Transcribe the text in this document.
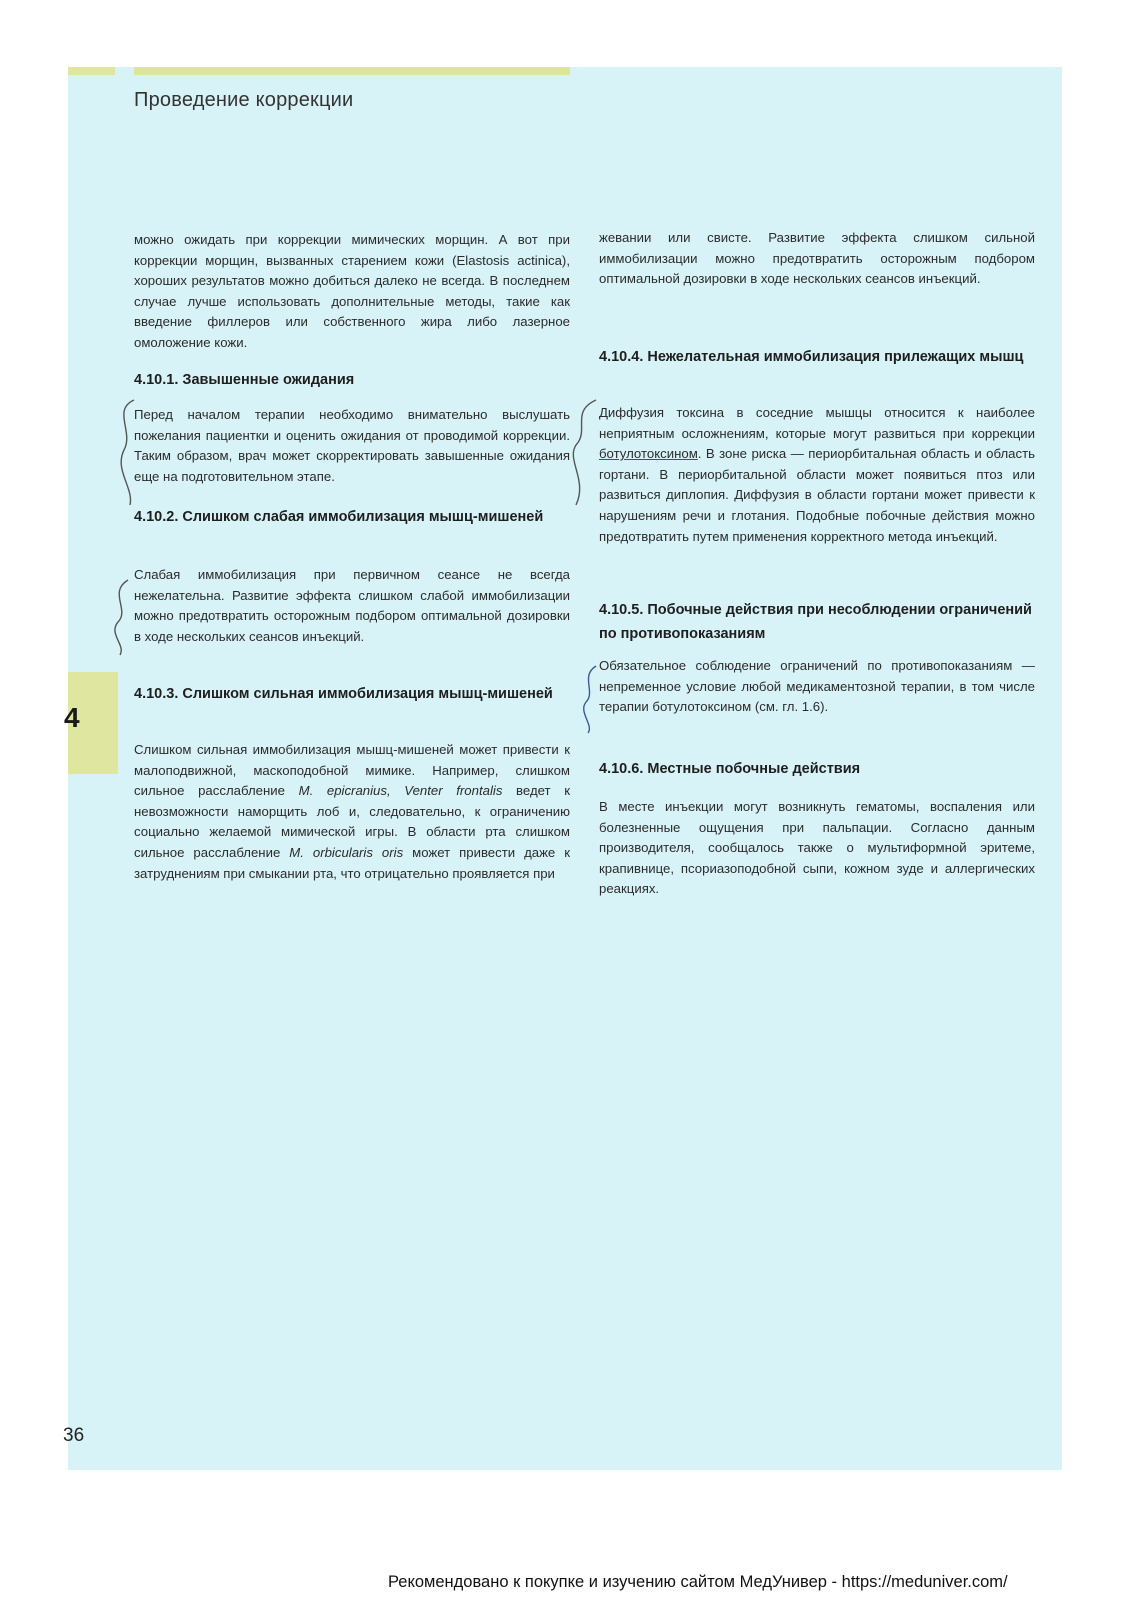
Проведение коррекции
4
можно ожидать при коррекции мимических морщин. А вот при коррекции морщин, вызванных старением кожи (Elastosis actinica), хороших результатов можно добиться далеко не всегда. В последнем случае лучше использовать дополнительные методы, такие как введение филлеров или собственного жира либо лазерное омоложение кожи.
4.10.1. Завышенные ожидания
Перед началом терапии необходимо внимательно выслушать пожелания пациентки и оценить ожидания от проводимой коррекции. Таким образом, врач может скорректировать завышенные ожидания еще на подготовительном этапе.
4.10.2. Слишком слабая иммобилизация мышц-мишеней
Слабая иммобилизация при первичном сеансе не всегда нежелательна. Развитие эффекта слишком слабой иммобилизации можно предотвратить осторожным подбором оптимальной дозировки в ходе нескольких сеансов инъекций.
4.10.3. Слишком сильная иммобилизация мышц-мишеней
Слишком сильная иммобилизация мышц-мишеней может привести к малоподвижной, маскоподобной мимике. Например, слишком сильное расслабление M. epicranius, Venter frontalis ведет к невозможности наморщить лоб и, следовательно, к ограничению социально желаемой мимической игры. В области рта слишком сильное расслабление M. orbicularis oris может привести даже к затруднениям при смыкании рта, что отрицательно проявляется при
жевании или свисте. Развитие эффекта слишком сильной иммобилизации можно предотвратить осторожным подбором оптимальной дозировки в ходе нескольких сеансов инъекций.
4.10.4. Нежелательная иммобилизация прилежащих мышц
Диффузия токсина в соседние мышцы относится к наиболее неприятным осложнениям, которые могут развиться при коррекции ботулотоксином. В зоне риска — периорбитальная область и область гортани. В периорбитальной области может появиться птоз или развиться диплопия. Диффузия в области гортани может привести к нарушениям речи и глотания. Подобные побочные действия можно предотвратить путем применения корректного метода инъекций.
4.10.5. Побочные действия при несоблюдении ограничений по противопоказаниям
Обязательное соблюдение ограничений по противопоказаниям — непременное условие любой медикаментозной терапии, в том числе терапии ботулотоксином (см. гл. 1.6).
4.10.6. Местные побочные действия
В месте инъекции могут возникнуть гематомы, воспаления или болезненные ощущения при пальпации. Согласно данным производителя, сообщалось также о мультиформной эритеме, крапивнице, псориазоподобной сыпи, кожном зуде и аллергических реакциях.
36
Рекомендовано к покупке и изучению сайтом МедУнивер - https://meduniver.com/
